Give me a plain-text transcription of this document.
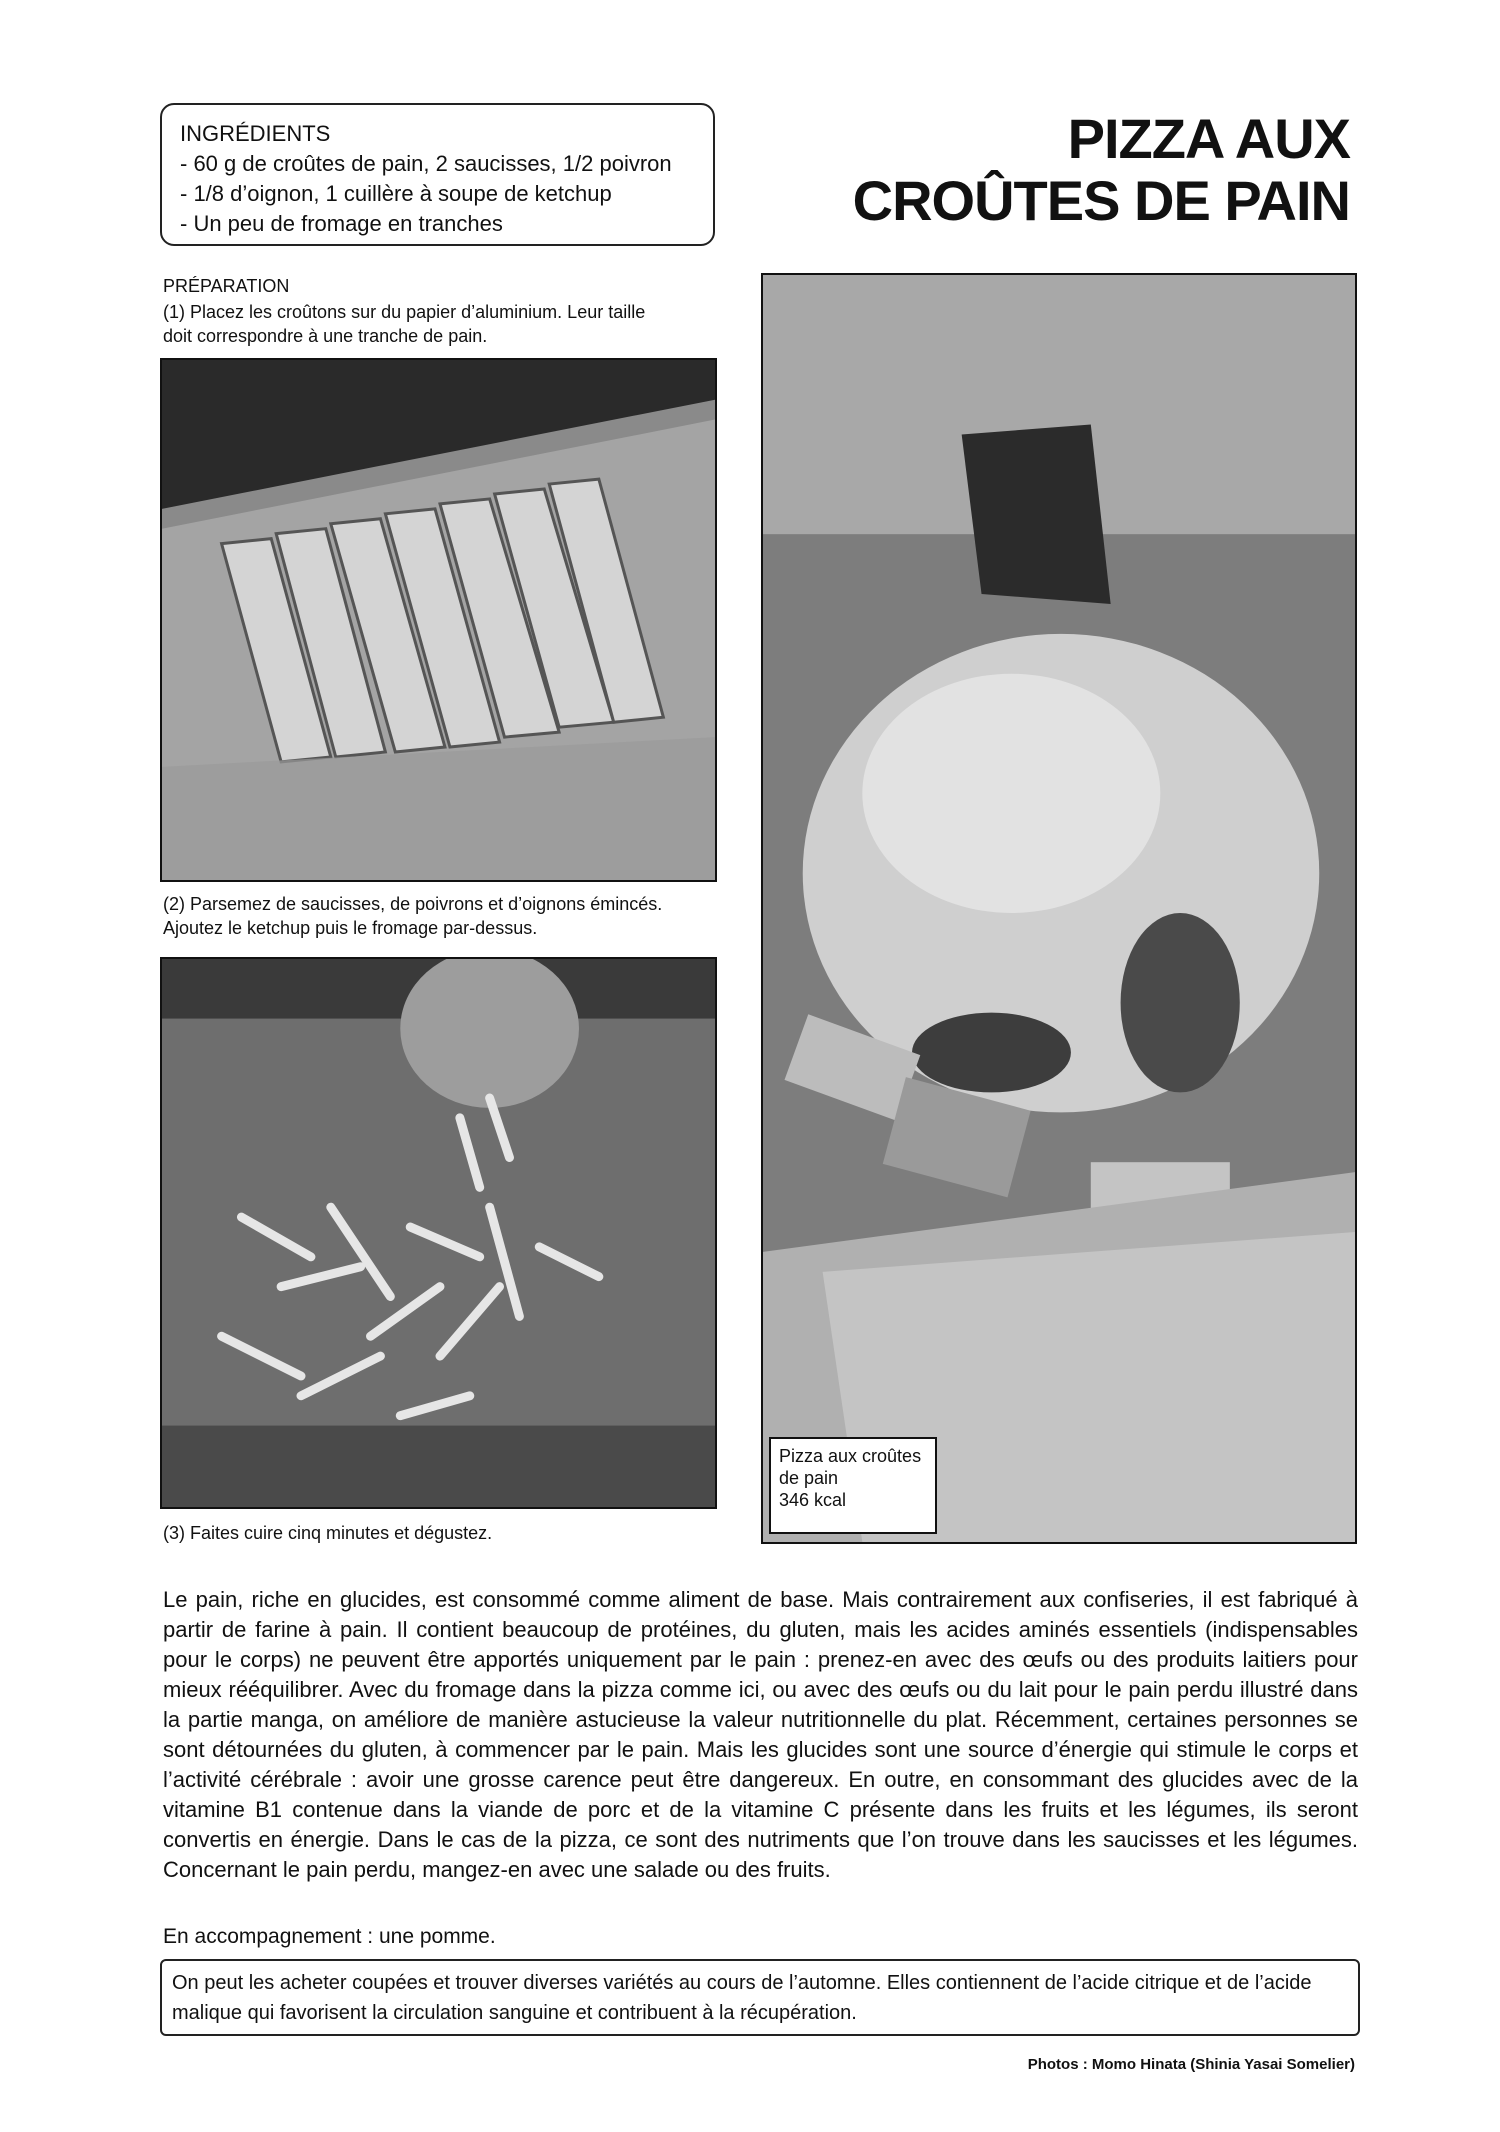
INGRÉDIENTS
- 60 g de croûtes de pain, 2 saucisses, 1/2 poivron
- 1/8 d’oignon, 1 cuillère à soupe de ketchup
- Un peu de fromage en tranches
PIZZA AUX
CROÛTES DE PAIN
PRÉPARATION
(1) Placez les croûtons sur du papier d’aluminium. Leur taille
doit correspondre à une tranche de pain.
(2) Parsemez de saucisses, de poivrons et d’oignons émincés.
Ajoutez le ketchup puis le fromage par-dessus.
(3) Faites cuire cinq minutes et dégustez.
Pizza aux croûtes
de pain
346 kcal
Le pain, riche en glucides, est consommé comme aliment de base. Mais contrairement aux confiseries, il est fabriqué à partir de farine à pain. Il contient beaucoup de protéines, du gluten, mais les acides aminés essentiels (indispensables pour le corps) ne peuvent être apportés uniquement par le pain : prenez-en avec des œufs ou des produits laitiers pour mieux rééquilibrer. Avec du fromage dans la pizza comme ici, ou avec des œufs ou du lait pour le pain perdu illustré dans la partie manga, on améliore de manière astucieuse la valeur nutritionnelle du plat. Récemment, certaines personnes se sont détournées du gluten, à commencer par le pain. Mais les glucides sont une source d’énergie qui stimule le corps et l’activité cérébrale : avoir une grosse carence peut être dangereux. En outre, en consommant des glucides avec de la vitamine B1 contenue dans la viande de porc et de la vitamine C présente dans les fruits et les légumes, ils seront convertis en énergie. Dans le cas de la pizza, ce sont des nutriments que l’on trouve dans les saucisses et les légumes. Concernant le pain perdu, mangez-en avec une salade ou des fruits.
En accompagnement : une pomme.
On peut les acheter coupées et trouver diverses variétés au cours de l’automne. Elles contiennent de l’acide citrique et de l’acide malique qui favorisent la circulation sanguine et contribuent à la récupération.
Photos : Momo Hinata (Shinia Yasai Somelier)
